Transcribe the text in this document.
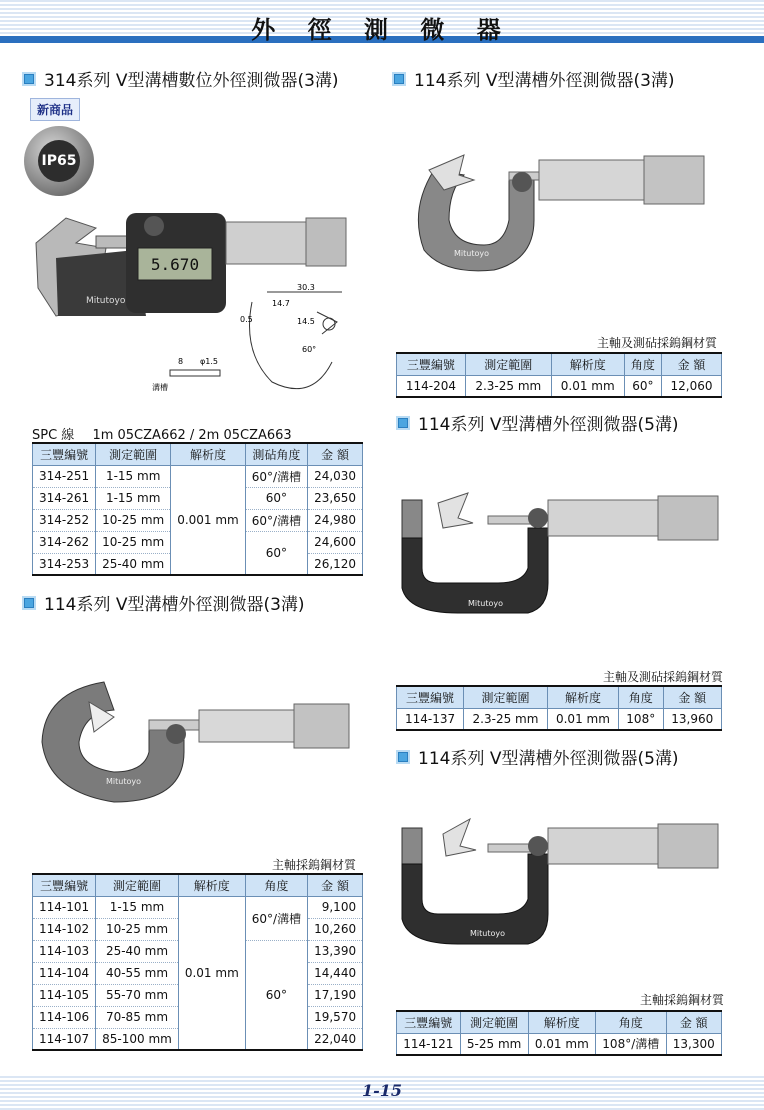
外 徑 測 微 器
314系列 V型溝槽數位外徑測微器(3溝)
新商品
IP65
5.670
Mitutoyo
30.3
14.7
14.5
0.5
60°
8 φ1.5
溝槽
SPC 線 1m 05CZA662 / 2m 05CZA663
三豐編號	測定範圍	解析度	測砧角度	金 額
314-251	1-15 mm	0.001 mm	60°/溝槽	24,030
314-261	1-15 mm		60°	23,650
314-252	10-25 mm		60°/溝槽	24,980
314-262	10-25 mm		60°	24,600
314-253	25-40 mm			26,120
114系列 V型溝槽外徑測微器(3溝)
Mitutoyo
主軸採鎢鋼材質
三豐編號	測定範圍	解析度	角度	金 額
114-101	1-15 mm	0.01 mm	60°/溝槽	9,100
114-102	10-25 mm			10,260
114-103	25-40 mm		60°	13,390
114-104	40-55 mm			14,440
114-105	55-70 mm			17,190
114-106	70-85 mm			19,570
114-107	85-100 mm			22,040
114系列 V型溝槽外徑測微器(3溝)
Mitutoyo
主軸及測砧採鎢鋼材質
三豐編號	測定範圍	解析度	角度	金 額
114-204	2.3-25 mm	0.01 mm	60°	12,060
114系列 V型溝槽外徑測微器(5溝)
Mitutoyo
主軸及測砧採鎢鋼材質
三豐編號	測定範圍	解析度	角度	金 額
114-137	2.3-25 mm	0.01 mm	108°	13,960
114系列 V型溝槽外徑測微器(5溝)
Mitutoyo
主軸採鎢鋼材質
三豐編號	測定範圍	解析度	角度	金 額
114-121	5-25 mm	0.01 mm	108°/溝槽	13,300
1-15
